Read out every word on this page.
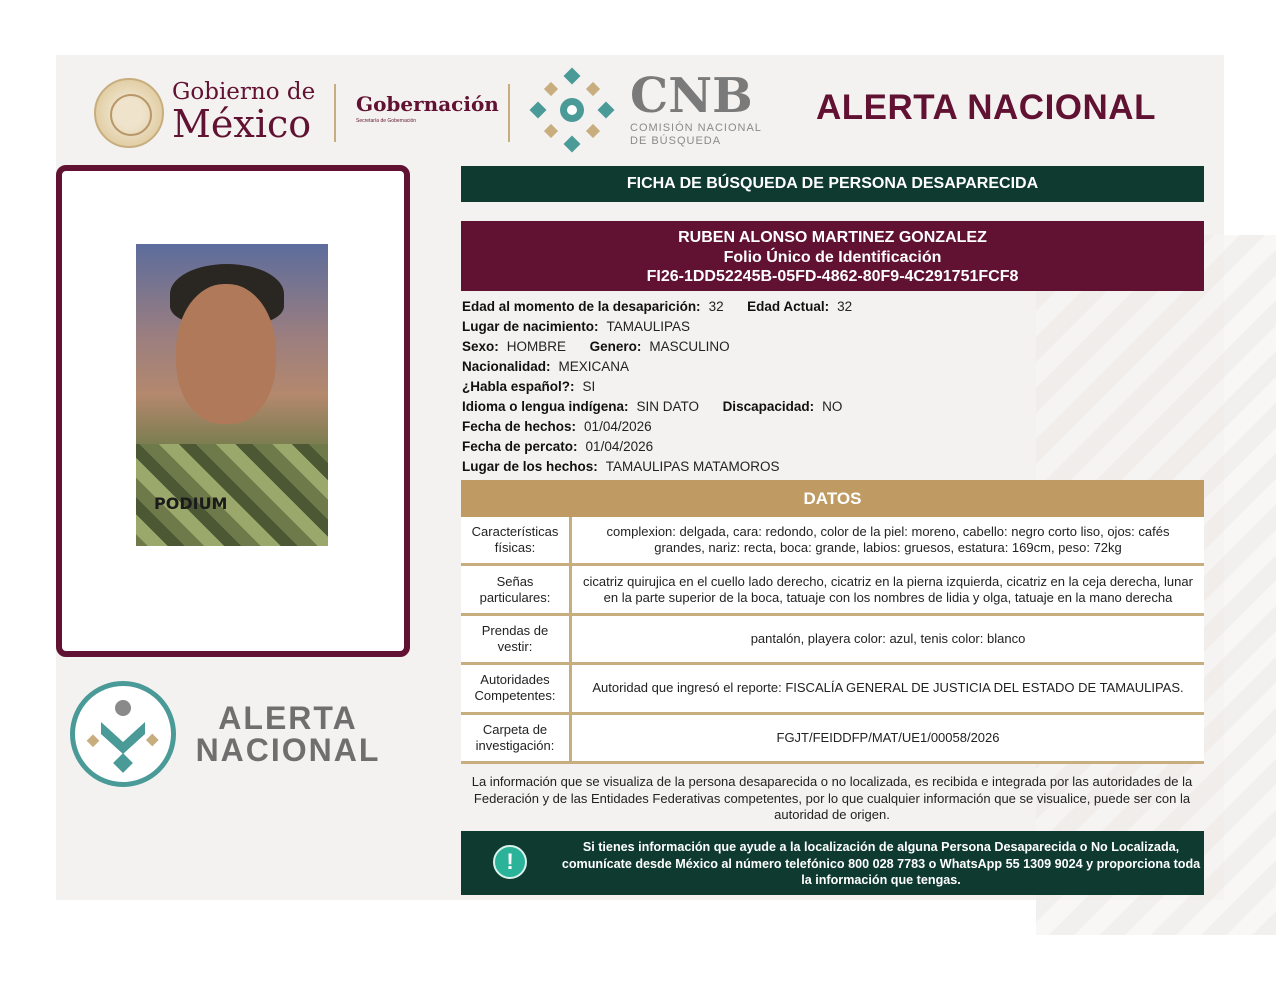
Gobierno de
México Gobernación
Secretaría de Gobernación	CNB
COMISIÓN NACIONAL
DE BÚSQUEDA
ALERTA NACIONAL
PODIUM
ALERTA
NACIONAL
FICHA DE BÚSQUEDA DE PERSONA DESAPARECIDA
RUBEN ALONSO MARTINEZ GONZALEZ
Folio Único de Identificación
FI26-1DD52245B-05FD-4862-80F9-4C291751FCF8
Edad al momento de la desaparición: 32 Edad Actual: 32
Lugar de nacimiento: TAMAULIPAS
Sexo: HOMBRE Genero: MASCULINO
Nacionalidad: MEXICANA
¿Habla español?: SI
Idioma o lengua indígena: SIN DATO Discapacidad: NO
Fecha de hechos: 01/04/2026
Fecha de percato: 01/04/2026
Lugar de los hechos: TAMAULIPAS MATAMOROS
DATOS
Características físicas:
complexion: delgada, cara: redondo, color de la piel: moreno, cabello: negro corto liso, ojos: cafés grandes, nariz: recta, boca: grande, labios: gruesos, estatura: 169cm, peso: 72kg
Señas particulares:
cicatriz quirujica en el cuello lado derecho, cicatriz en la pierna izquierda, cicatriz en la ceja derecha, lunar en la parte superior de la boca, tatuaje con los nombres de lidia y olga, tatuaje en la mano derecha
Prendas de vestir:
pantalón, playera color: azul, tenis color: blanco
Autoridades Competentes:
Autoridad que ingresó el reporte: FISCALÍA GENERAL DE JUSTICIA DEL ESTADO DE TAMAULIPAS.
Carpeta de investigación:
FGJT/FEIDDFP/MAT/UE1/00058/2026
La información que se visualiza de la persona desaparecida o no localizada, es recibida e integrada por las autoridades de la Federación y de las Entidades Federativas competentes, por lo que cualquier información que se visualice, puede ser con la autoridad de origen.
!
Si tienes información que ayude a la localización de alguna Persona Desaparecida o No Localizada, comunícate desde México al número telefónico 800 028 7783 o WhatsApp 55 1309 9024 y proporciona toda la información que tengas.
